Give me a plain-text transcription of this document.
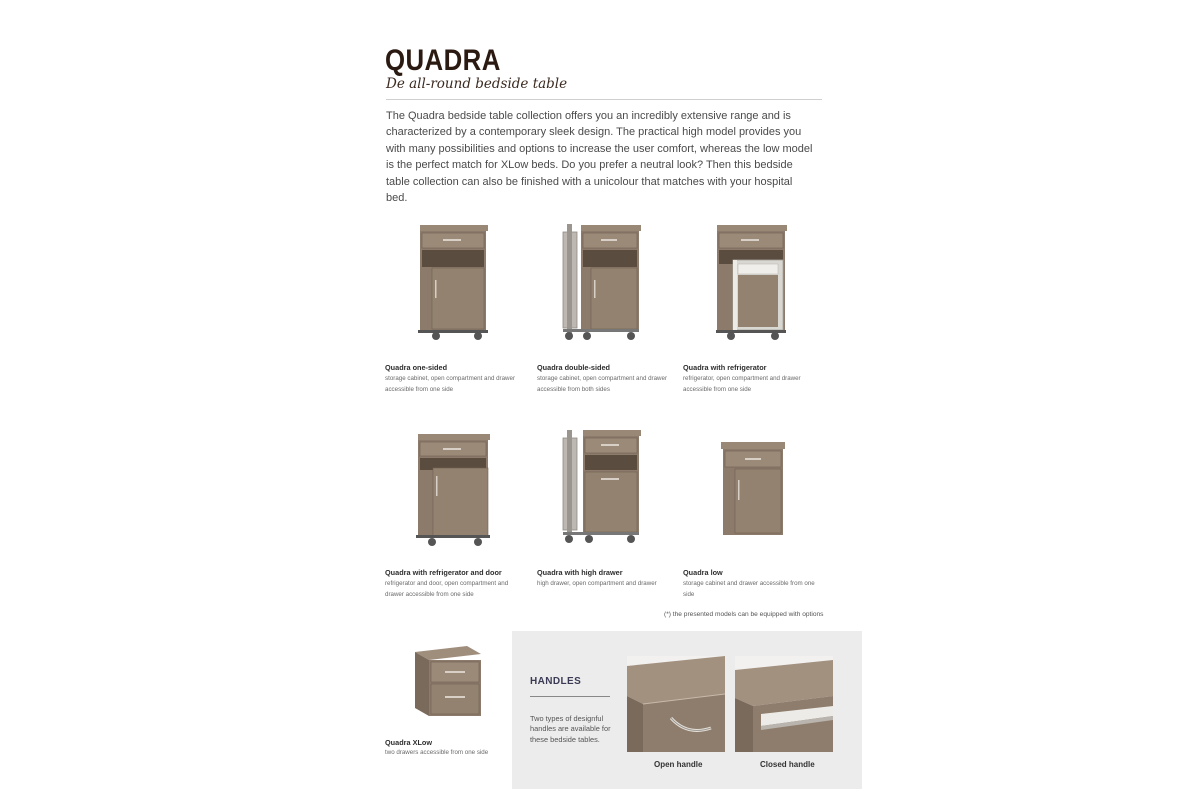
QUADRA
De all-round bedside table
The Quadra bedside table collection offers you an incredibly extensive range and is characterized by a contemporary sleek design. The practical high model provides you with many possibilities and options to increase the user comfort, whereas the low model is the perfect match for XLow beds. Do you prefer a neutral look? Then this bedside table collection can also be finished with a unicolour that matches with your hospital bed.
Quadra one-sided
storage cabinet, open compartment and drawer accessible from one side
Quadra double-sided
storage cabinet, open compartment and drawer accessible from both sides
Quadra with refrigerator
refrigerator, open compartment and drawer accessible from one side
Quadra with refrigerator and door
refrigerator and door, open compartment and drawer accessible from one side
Quadra with high drawer
high drawer, open compartment and drawer
Quadra low
storage cabinet and drawer accessible from one side
(*) the presented models can be equipped with options
Quadra XLow
two drawers accessible from one side
HANDLES
Two types of designful handles are available for these bedside tables.
Open handle	Closed handle
